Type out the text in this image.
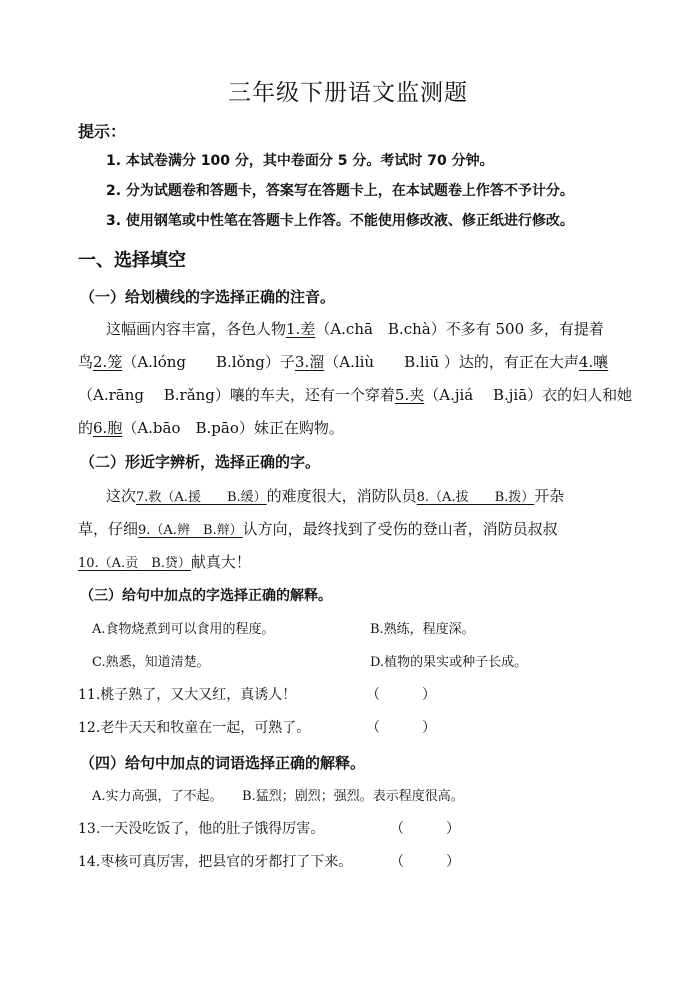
三年级下册语文监测题
提示：
1. 本试卷满分 100 分，其中卷面分 5 分。考试时 70 分钟。
2. 分为试题卷和答题卡，答案写在答题卡上，在本试题卷上作答不予计分。
3. 使用钢笔或中性笔在答题卡上作答。不能使用修改液、修正纸进行修改。
一、选择填空
（一）给划横线的字选择正确的注音。
这幅画内容丰富，各色人物1.差（A.chā　B.chà）不多有 500 多，有提着
鸟2.笼（A.lóng　　B.lǒng）子3.溜（A.liù　　B.liū ）达的，有正在大声4.嚷
（A.rāng　 B.rǎng）嚷的车夫，还有一个穿着5.夹（A.jiá　 B.jiā）衣的妇人和她
的6.胞（A.bāo　B.pāo）妹正在购物。
（二）形近字辨析，选择正确的字。
这次7.救（A.援　　B.缓）的难度很大，消防队员8.（A.拔　　B.拨）开杂
草，仔细9.（A.辨　B.辩）认方向，最终找到了受伤的登山者，消防员叔叔
10.（A.贡　B.贷）献真大！
（三）给句中加点的字选择正确的解释。
A.食物烧煮到可以食用的程度。	B.熟练，程度深。
C.熟悉，知道清楚。	D.植物的果实或种子长成。
11.桃子熟了，又大又红，真诱人！	（　　　）
12.老牛天天和牧童在一起，可熟了。	（　　　）
（四）给句中加点的词语选择正确的解释。
A.实力高强，了不起。　　B.猛烈；剧烈；强烈。表示程度很高。
13.一天没吃饭了，他的肚子饿得厉害。	（　　　）
14.枣核可真厉害，把县官的牙都打了下来。	（　　　）
